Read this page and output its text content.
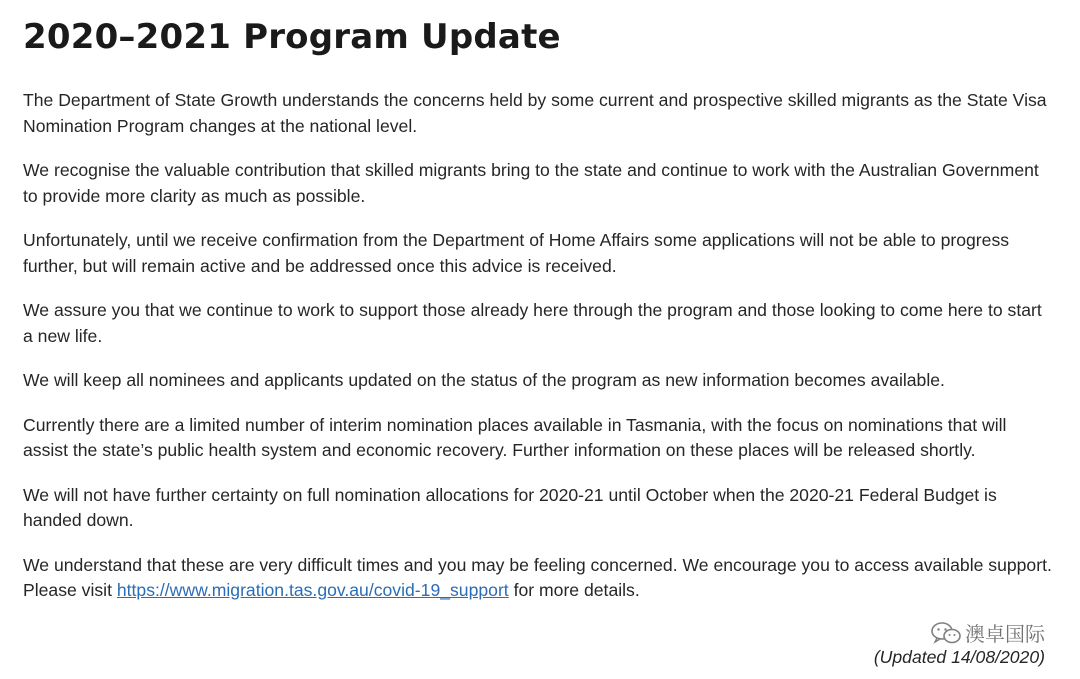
2020–2021 Program Update

The Department of State Growth understands the concerns held by some current and prospective skilled migrants as the State Visa Nomination Program changes at the national level.

We recognise the valuable contribution that skilled migrants bring to the state and continue to work with the Australian Government to provide more clarity as much as possible.

Unfortunately, until we receive confirmation from the Department of Home Affairs some applications will not be able to progress further, but will remain active and be addressed once this advice is received.

We assure you that we continue to work to support those already here through the program and those looking to come here to start a new life.

We will keep all nominees and applicants updated on the status of the program as new information becomes available.

Currently there are a limited number of interim nomination places available in Tasmania, with the focus on nominations that will assist the state’s public health system and economic recovery. Further information on these places will be released shortly.

We will not have further certainty on full nomination allocations for 2020-21 until October when the 2020-21 Federal Budget is handed down.

We understand that these are very difficult times and you may be feeling concerned. We encourage you to access available support. Please visit https://www.migration.tas.gov.au/covid-19_support for more details.

澳卓国际
(Updated 14/08/2020)
